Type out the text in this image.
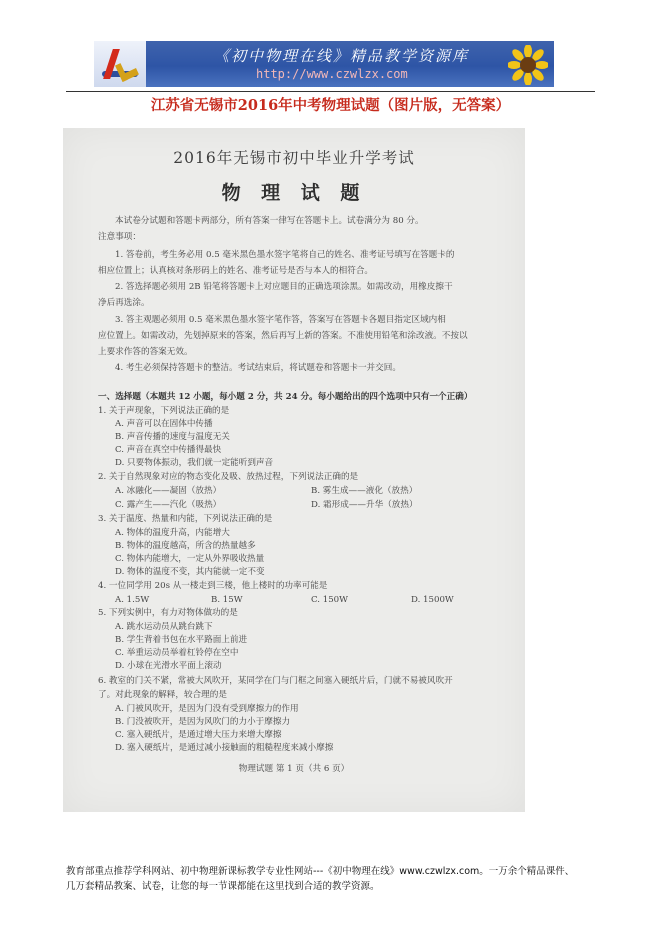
《初中物理在线》精品教学资源库
http://www.czwlzx.com
江苏省无锡市2016年中考物理试题（图片版，无答案）
2016年无锡市初中毕业升学考试
物 理 试 题
本试卷分试题和答题卡两部分，所有答案一律写在答题卡上。试卷满分为 80 分。
注意事项：
1. 答卷前，考生务必用 0.5 毫米黑色墨水签字笔将自己的姓名、准考证号填写在答题卡的
相应位置上；认真核对条形码上的姓名、准考证号是否与本人的相符合。
2. 答选择题必须用 2B 铅笔将答题卡上对应题目的正确选项涂黑。如需改动，用橡皮擦干
净后再选涂。
3. 答主观题必须用 0.5 毫米黑色墨水签字笔作答，答案写在答题卡各题目指定区域内相
应位置上。如需改动，先划掉原来的答案，然后再写上新的答案。不准使用铅笔和涂改液。不按以
上要求作答的答案无效。
4. 考生必须保持答题卡的整洁。考试结束后，将试题卷和答题卡一并交回。
一、选择题（本题共 12 小题，每小题 2 分，共 24 分。每小题给出的四个选项中只有一个正确）
1. 关于声现象，下列说法正确的是
A. 声音可以在固体中传播
B. 声音传播的速度与温度无关
C. 声音在真空中传播得最快
D. 只要物体振动，我们就一定能听到声音
2. 关于自然现象对应的物态变化及吸、放热过程，下列说法正确的是
A. 冰融化——凝固（放热）	B. 雾生成——液化（放热）
C. 露产生——汽化（吸热）	D. 霜形成——升华（放热）
3. 关于温度、热量和内能，下列说法正确的是
A. 物体的温度升高，内能增大
B. 物体的温度越高，所含的热量越多
C. 物体内能增大，一定从外界吸收热量
D. 物体的温度不变，其内能就一定不变
4. 一位同学用 20s 从一楼走到三楼，他上楼时的功率可能是
A. 1.5W	B. 15W	C. 150W	D. 1500W
5. 下列实例中，有力对物体做功的是
A. 跳水运动员从跳台跳下
B. 学生背着书包在水平路面上前进
C. 举重运动员举着杠铃停在空中
D. 小球在光滑水平面上滚动
6. 教室的门关不紧，常被大风吹开，某同学在门与门框之间塞入硬纸片后，门就不易被风吹开
了。对此现象的解释，较合理的是
A. 门被风吹开，是因为门没有受到摩擦力的作用
B. 门没被吹开，是因为风吹门的力小于摩擦力
C. 塞入硬纸片，是通过增大压力来增大摩擦
D. 塞入硬纸片，是通过减小接触面的粗糙程度来减小摩擦
物理试题 第 1 页（共 6 页）
教育部重点推荐学科网站、初中物理新课标教学专业性网站---《初中物理在线》www.czwlzx.com。一万余个精品课件、
几万套精品教案、试卷，让您的每一节课都能在这里找到合适的教学资源。
